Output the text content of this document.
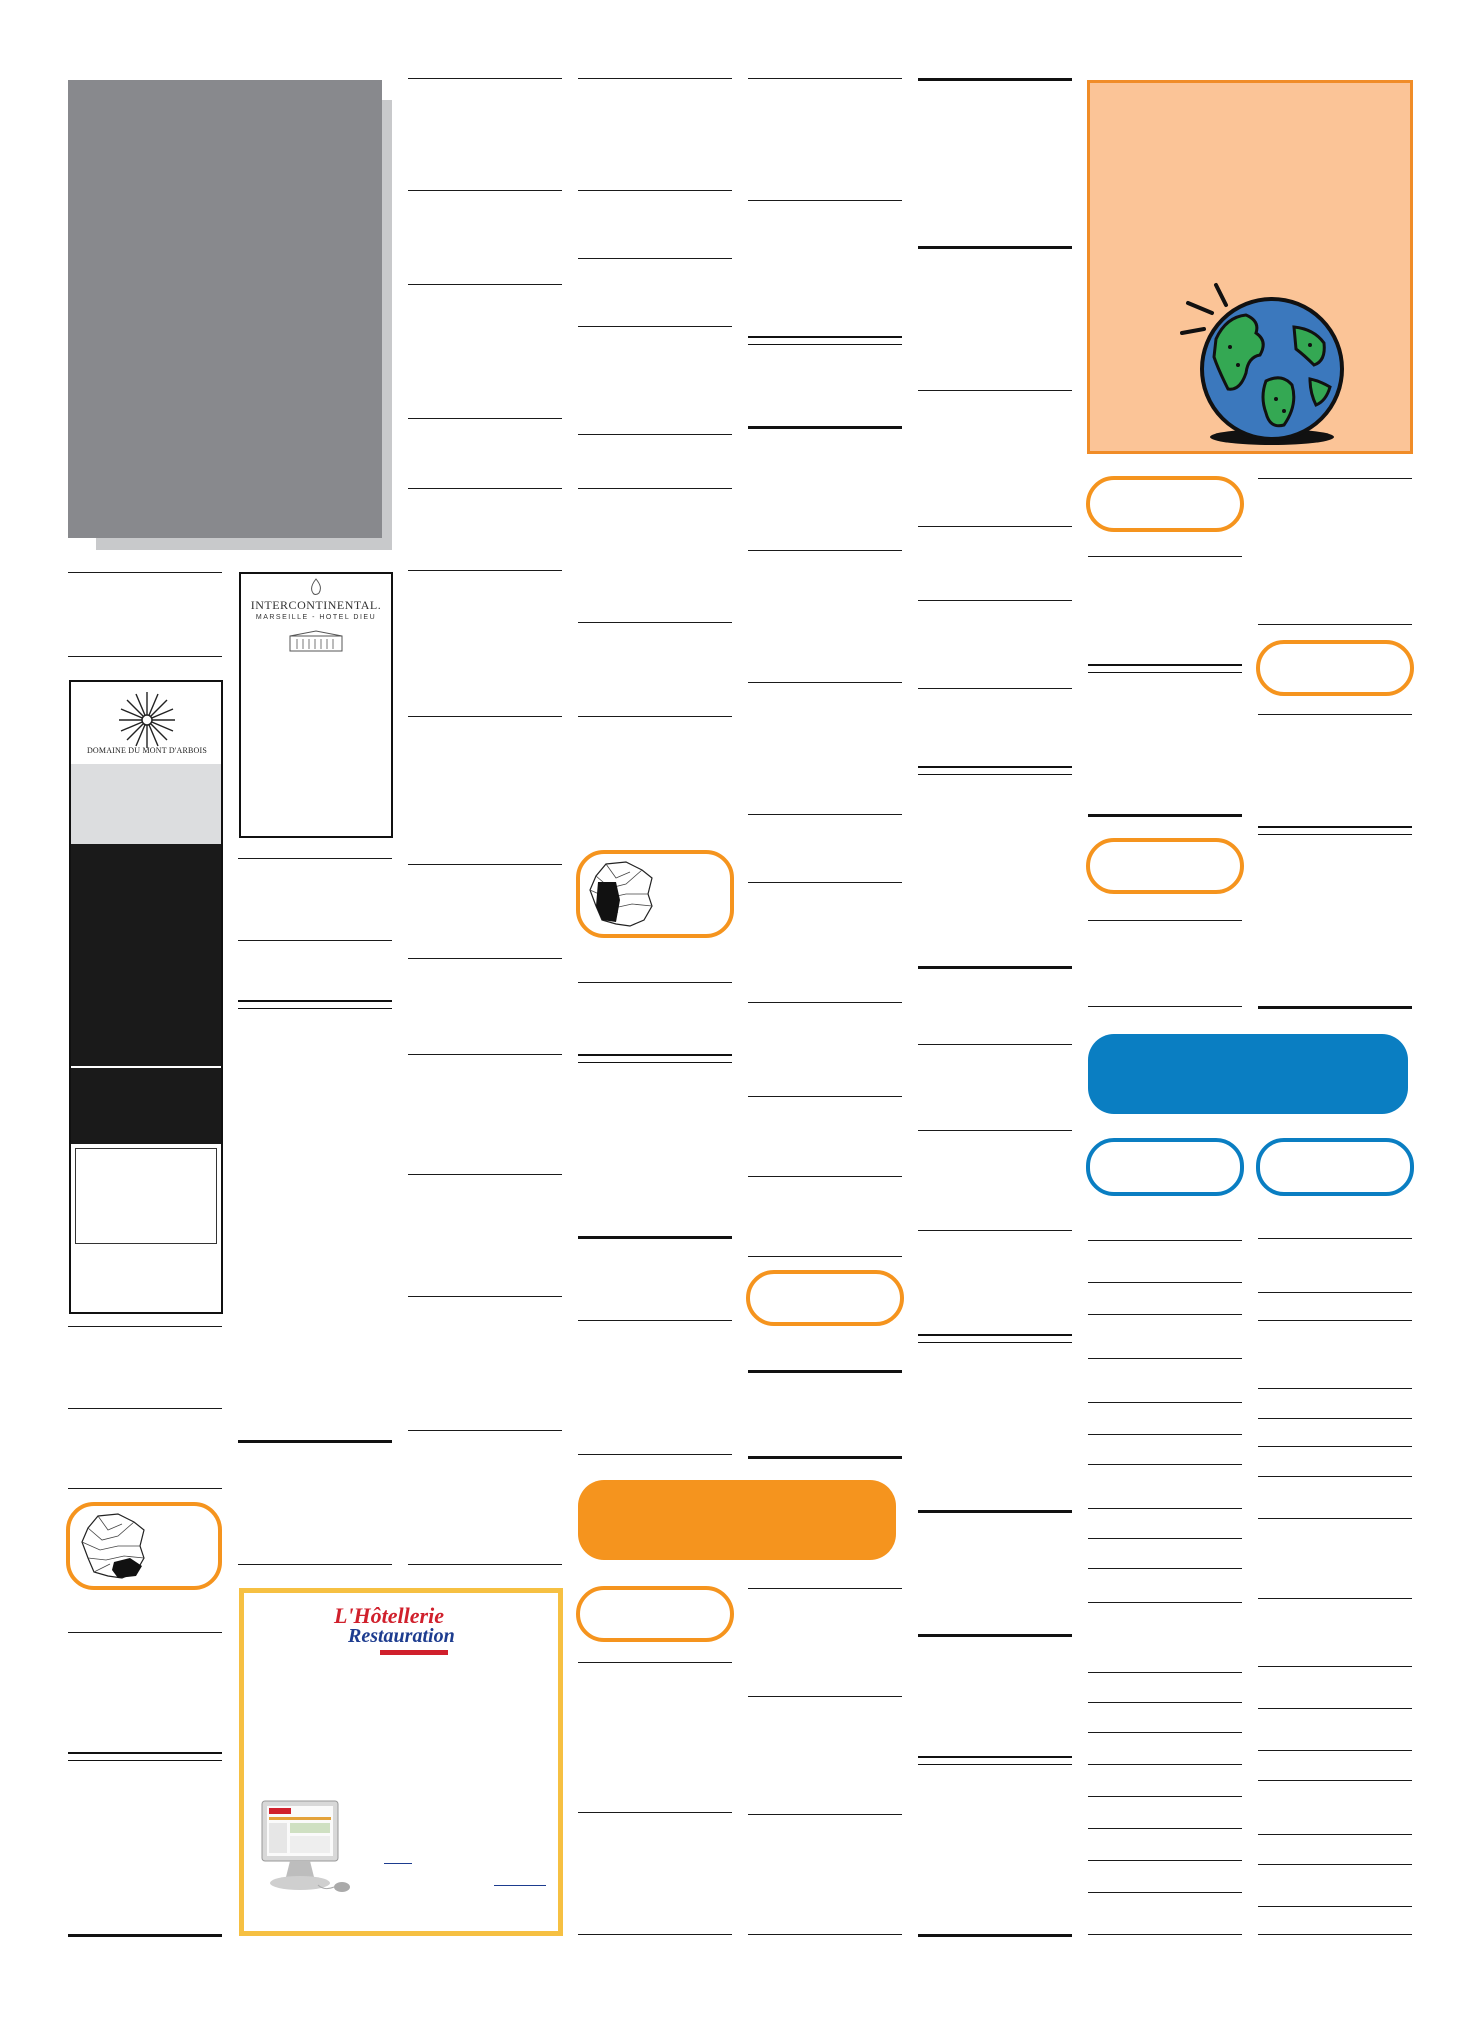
DOMAINE DU MONT D'ARBOIS
INTERCONTINENTAL.
MARSEILLE - HOTEL DIEU
L'Hôtellerie
Restauration
